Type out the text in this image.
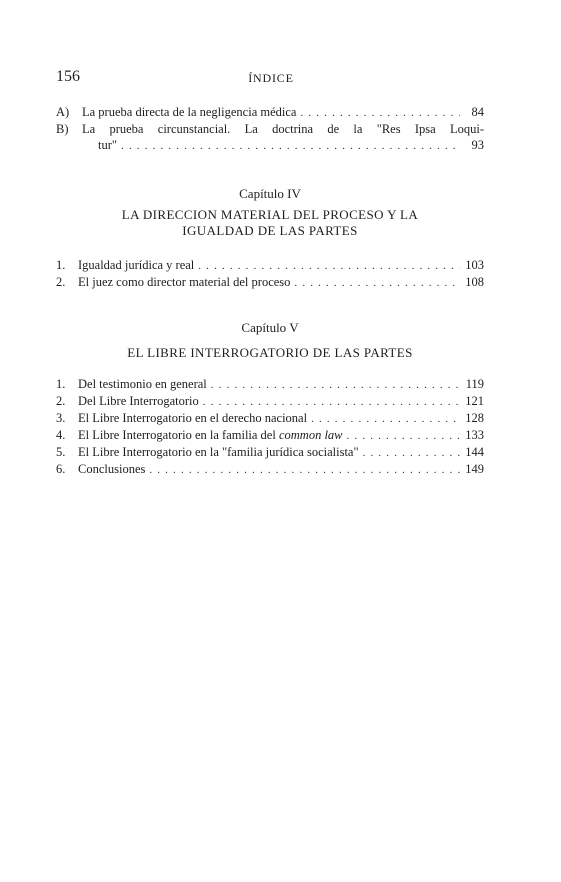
156	ÍNDICE
A)	La prueba directa de la negligencia médica . . .	84
B)	La prueba circunstancial. La doctrina de la "Res Ipsa Loqui-
tur" . . .	93
Capítulo IV
LA DIRECCION MATERIAL DEL PROCESO Y LA
IGUALDAD DE LAS PARTES
1.	Igualdad jurídica y real . . .	103
2.	El juez como director material del proceso . . .	108
Capítulo V
EL LIBRE INTERROGATORIO DE LAS PARTES
1.	Del testimonio en general . . .	119
2.	Del Libre Interrogatorio . . .	121
3.	El Libre Interrogatorio en el derecho nacional . . .	128
4.	El Libre Interrogatorio en la familia del common law . . .	133
5.	El Libre Interrogatorio en la "familia jurídica socialista" . . .	144
6.	Conclusiones . . .	149
